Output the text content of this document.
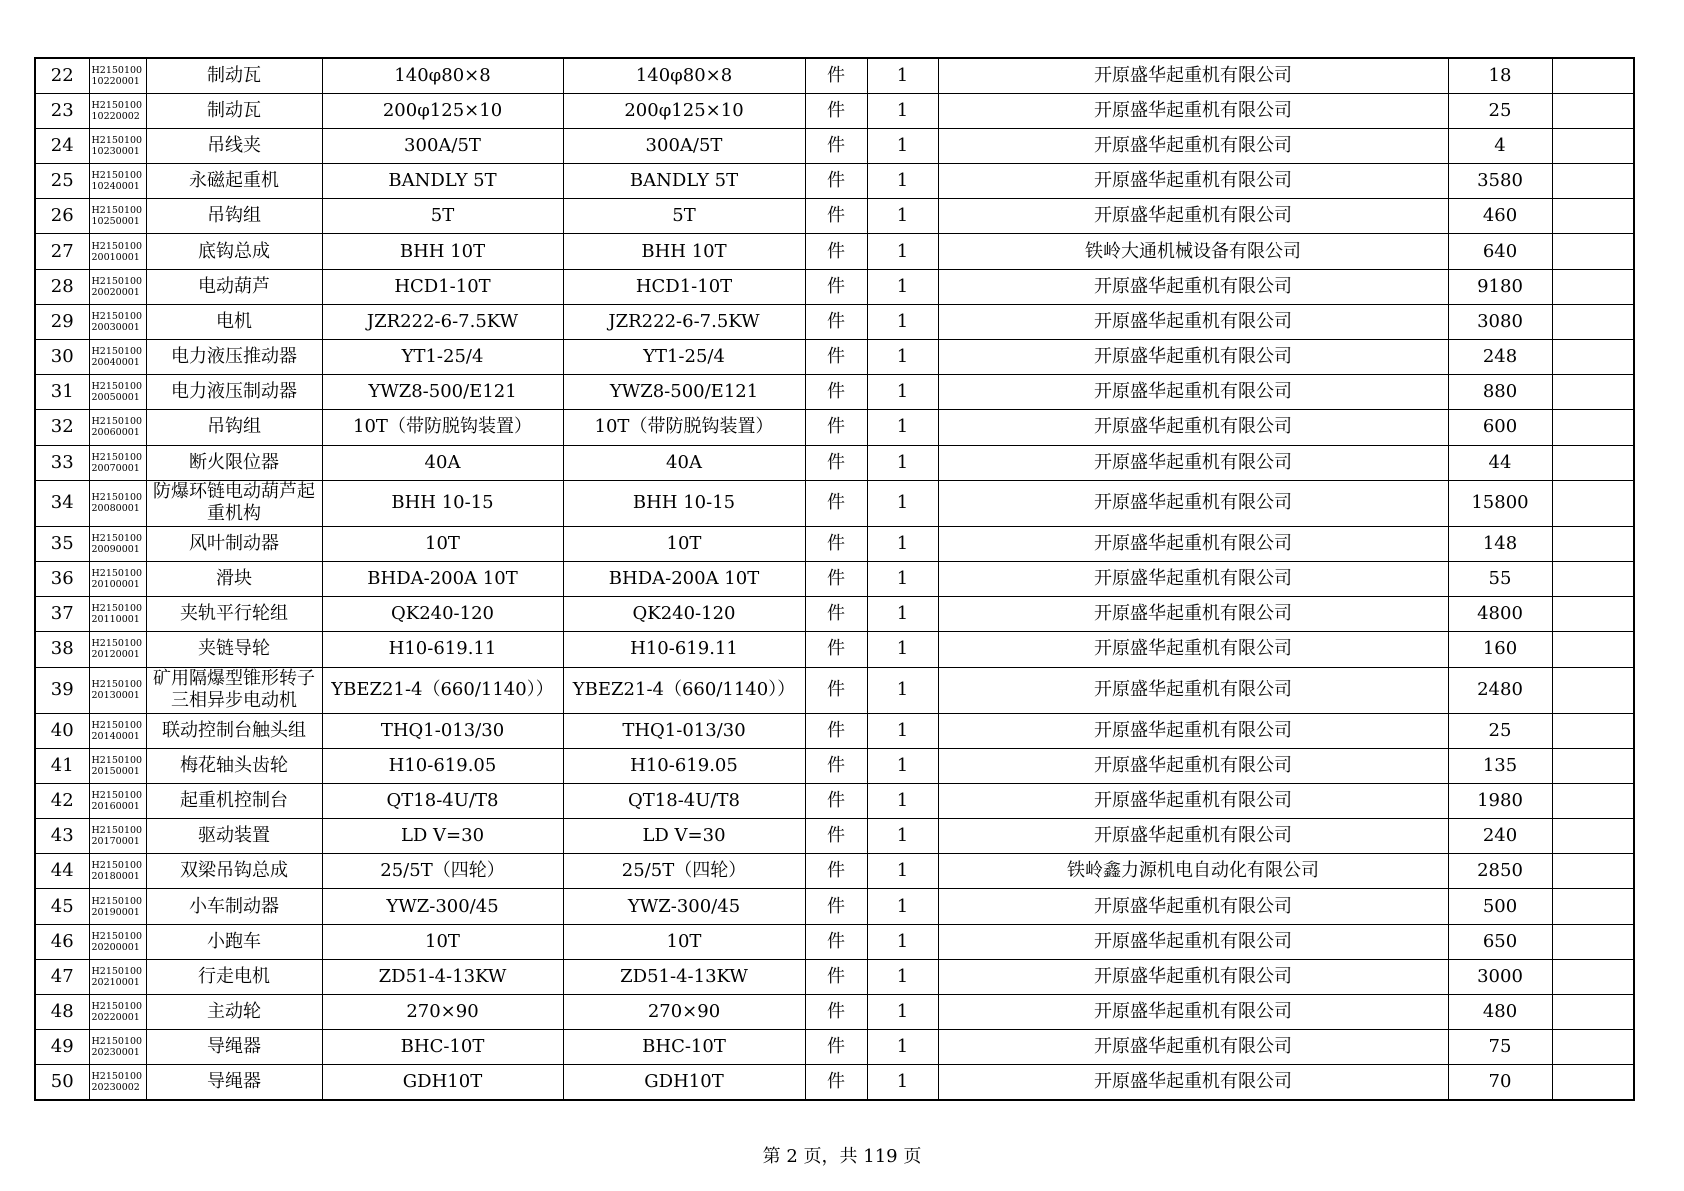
22	H2150100 10220001	制动瓦	140φ80×8	140φ80×8	件	1	开原盛华起重机有限公司	18	
23	H2150100 10220002	制动瓦	200φ125×10	200φ125×10	件	1	开原盛华起重机有限公司	25	
24	H2150100 10230001	吊线夹	300A/5T	300A/5T	件	1	开原盛华起重机有限公司	4	
25	H2150100 10240001	永磁起重机	BANDLY 5T	BANDLY 5T	件	1	开原盛华起重机有限公司	3580	
26	H2150100 10250001	吊钩组	5T	5T	件	1	开原盛华起重机有限公司	460	
27	H2150100 20010001	底钩总成	BHH 10T	BHH 10T	件	1	铁岭大通机械设备有限公司	640	
28	H2150100 20020001	电动葫芦	HCD1-10T	HCD1-10T	件	1	开原盛华起重机有限公司	9180	
29	H2150100 20030001	电机	JZR222-6-7.5KW	JZR222-6-7.5KW	件	1	开原盛华起重机有限公司	3080	
30	H2150100 20040001	电力液压推动器	YT1-25/4	YT1-25/4	件	1	开原盛华起重机有限公司	248	
31	H2150100 20050001	电力液压制动器	YWZ8-500/E121	YWZ8-500/E121	件	1	开原盛华起重机有限公司	880	
32	H2150100 20060001	吊钩组	10T（带防脱钩装置）	10T（带防脱钩装置）	件	1	开原盛华起重机有限公司	600	
33	H2150100 20070001	断火限位器	40A	40A	件	1	开原盛华起重机有限公司	44	
34	H2150100 20080001	防爆环链电动葫芦起重机构	BHH 10-15	BHH 10-15	件	1	开原盛华起重机有限公司	15800	
35	H2150100 20090001	风叶制动器	10T	10T	件	1	开原盛华起重机有限公司	148	
36	H2150100 20100001	滑块	BHDA-200A 10T	BHDA-200A 10T	件	1	开原盛华起重机有限公司	55	
37	H2150100 20110001	夹轨平行轮组	QK240-120	QK240-120	件	1	开原盛华起重机有限公司	4800	
38	H2150100 20120001	夹链导轮	H10-619.11	H10-619.11	件	1	开原盛华起重机有限公司	160	
39	H2150100 20130001	矿用隔爆型锥形转子三相异步电动机	YBEZ21-4（660/1140））	YBEZ21-4（660/1140））	件	1	开原盛华起重机有限公司	2480	
40	H2150100 20140001	联动控制台触头组	THQ1-013/30	THQ1-013/30	件	1	开原盛华起重机有限公司	25	
41	H2150100 20150001	梅花轴头齿轮	H10-619.05	H10-619.05	件	1	开原盛华起重机有限公司	135	
42	H2150100 20160001	起重机控制台	QT18-4U/T8	QT18-4U/T8	件	1	开原盛华起重机有限公司	1980	
43	H2150100 20170001	驱动装置	LD V=30	LD V=30	件	1	开原盛华起重机有限公司	240	
44	H2150100 20180001	双梁吊钩总成	25/5T（四轮）	25/5T（四轮）	件	1	铁岭鑫力源机电自动化有限公司	2850	
45	H2150100 20190001	小车制动器	YWZ-300/45	YWZ-300/45	件	1	开原盛华起重机有限公司	500	
46	H2150100 20200001	小跑车	10T	10T	件	1	开原盛华起重机有限公司	650	
47	H2150100 20210001	行走电机	ZD51-4-13KW	ZD51-4-13KW	件	1	开原盛华起重机有限公司	3000	
48	H2150100 20220001	主动轮	270×90	270×90	件	1	开原盛华起重机有限公司	480	
49	H2150100 20230001	导绳器	BHC-10T	BHC-10T	件	1	开原盛华起重机有限公司	75	
50	H2150100 20230002	导绳器	GDH10T	GDH10T	件	1	开原盛华起重机有限公司	70	
第 2 页，共 119 页
